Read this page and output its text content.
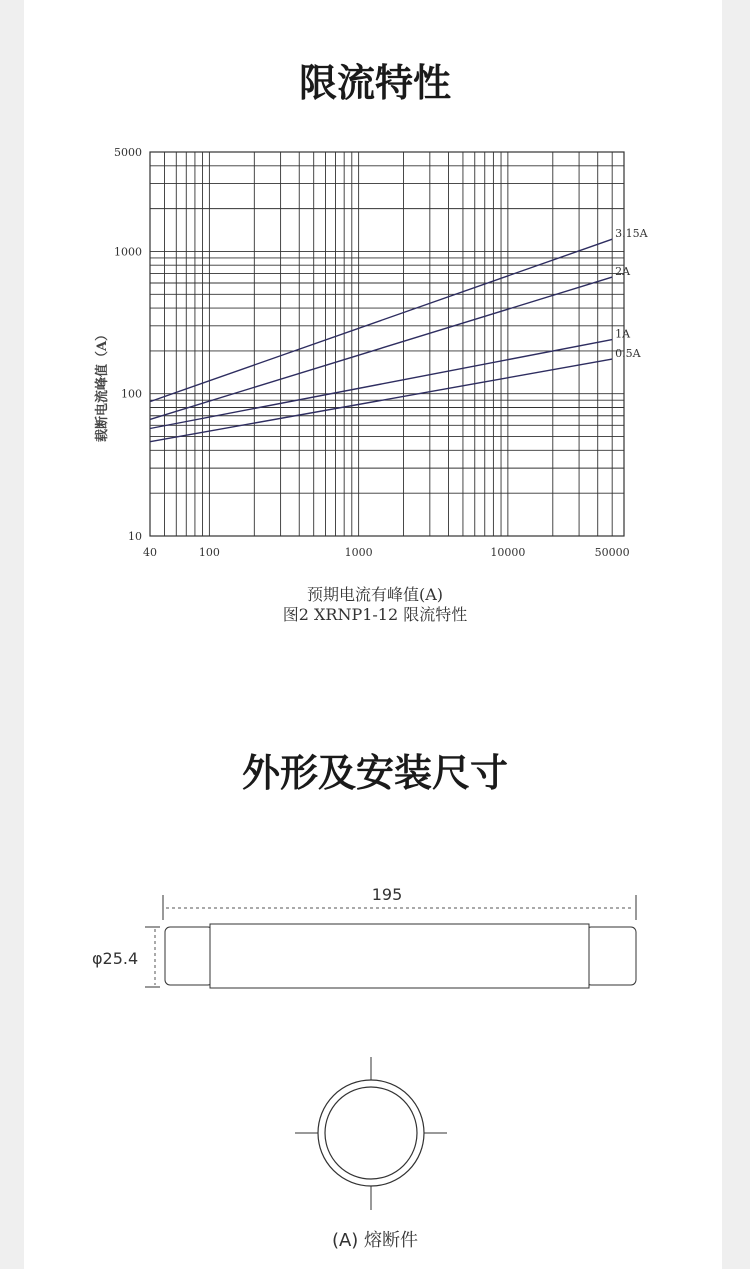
限流特性
3.15A
2A
1A
0.5A
40	100	1000	10000	50000
10
100
1000
5000
载断电流峰值（A）
预期电流有峰值(A)
图2 XRNP1-12 限流特性
外形及安装尺寸
195
φ25.4
(A) 熔断件
